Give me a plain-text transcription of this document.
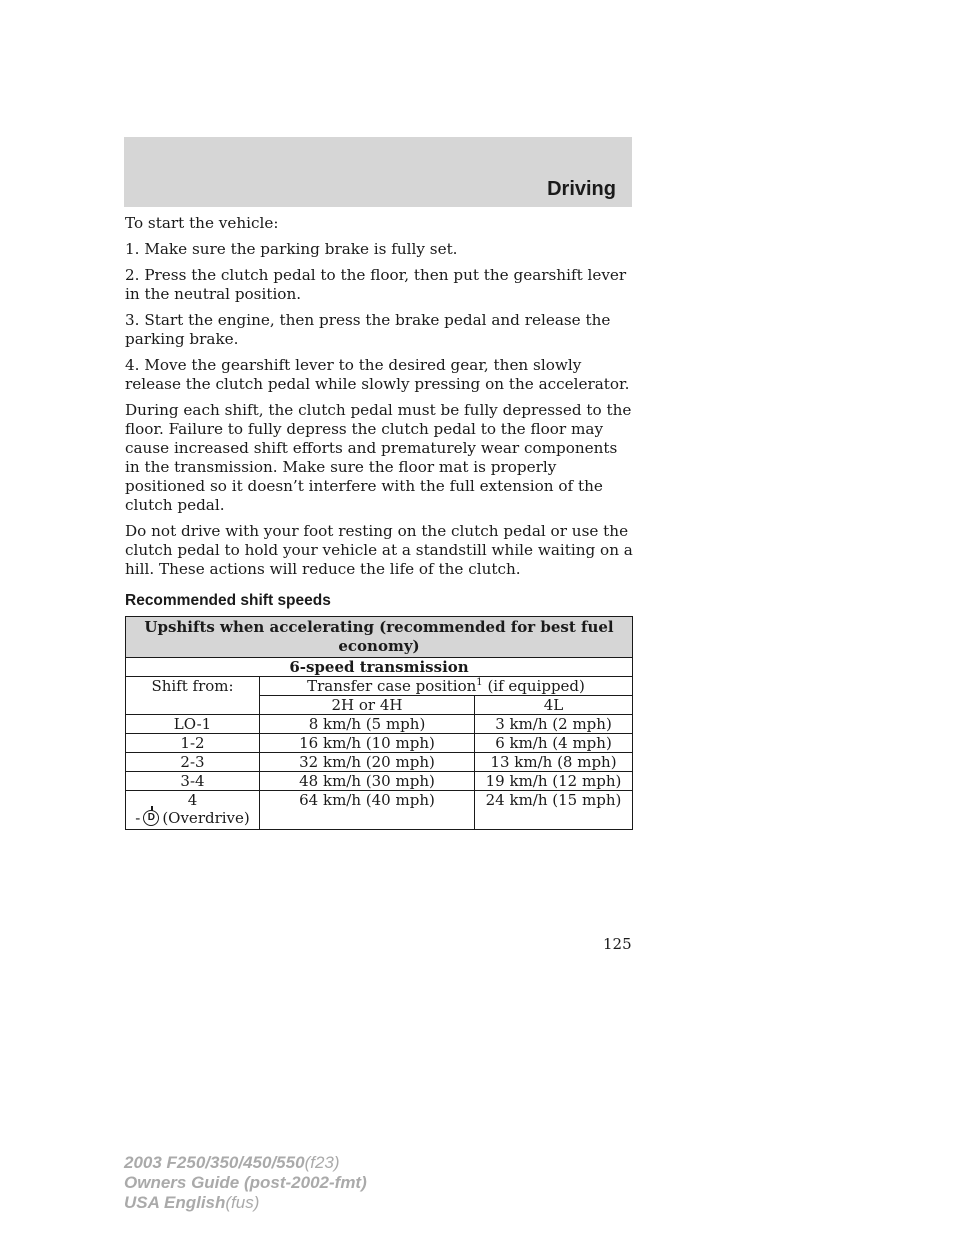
Driving

To start the vehicle:

1. Make sure the parking brake is fully set.

2. Press the clutch pedal to the floor, then put the gearshift lever in the neutral position.

3. Start the engine, then press the brake pedal and release the parking brake.

4. Move the gearshift lever to the desired gear, then slowly release the clutch pedal while slowly pressing on the accelerator.

During each shift, the clutch pedal must be fully depressed to the floor. Failure to fully depress the clutch pedal to the floor may cause increased shift efforts and prematurely wear components in the transmission. Make sure the floor mat is properly positioned so it doesn’t interfere with the full extension of the clutch pedal.

Do not drive with your foot resting on the clutch pedal or use the clutch pedal to hold your vehicle at a standstill while waiting on a hill. These actions will reduce the life of the clutch.

Recommended shift speeds
Upshifts when accelerating (recommended for best fuel economy)		
6-speed transmission		
Shift from:	Transfer case position$^1$ (if equipped)	
	2H or 4H	4L
LO-1	8 km/h (5 mph)	3 km/h (2 mph)
1-2	16 km/h (10 mph)	6 km/h (4 mph)
2-3	32 km/h (20 mph)	13 km/h (8 mph)
3-4	48 km/h (30 mph)	19 km/h (12 mph)

4
- D (Overdrive)	64 km/h (40 mph)	24 km/h (15 mph)
125
2003 F250/350/450/550(f23)
Owners Guide (post-2002-fmt)
USA English(fus)
